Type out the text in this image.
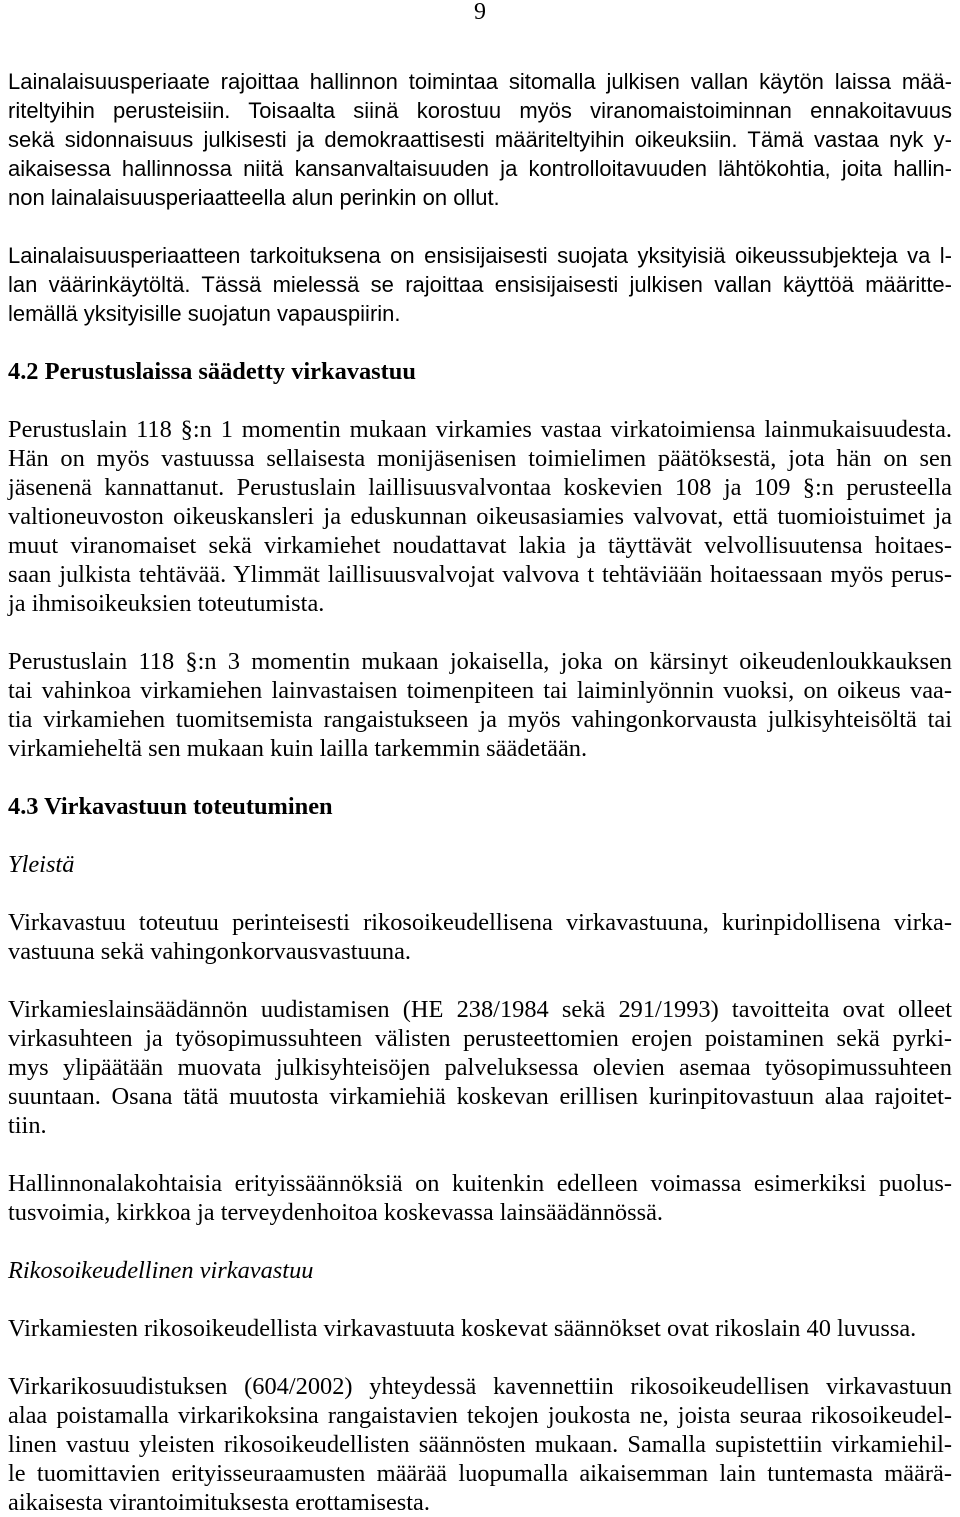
9
Lainalaisuusperiaate rajoittaa hallinnon toimintaa sitomalla julkisen vallan käytön laissa mää-
riteltyihin perusteisiin. Toisaalta siinä korostuu myös viranomaistoiminnan ennakoitavuus
sekä sidonnaisuus julkisesti ja demokraattisesti määriteltyihin oikeuksiin. Tämä vastaa nyk y-
aikaisessa hallinnossa niitä kansanvaltaisuuden ja kontrolloitavuuden lähtökohtia, joita hallin-
non lainalaisuusperiaatteella alun perinkin on ollut.
Lainalaisuusperiaatteen tarkoituksena on ensisijaisesti suojata yksityisiä oikeussubjekteja va l-
lan väärinkäytöltä. Tässä mielessä se rajoittaa ensisijaisesti julkisen vallan käyttöä määritte-
lemällä yksityisille suojatun vapauspiirin.
4.2 Perustuslaissa säädetty virkavastuu
Perustuslain 118 §:n 1 momentin mukaan virkamies vastaa virkatoimiensa lainmukaisuudesta.
Hän on myös vastuussa sellaisesta monijäsenisen toimielimen päätöksestä, jota hän on sen
jäsenenä kannattanut. Perustuslain laillisuusvalvontaa koskevien 108 ja 109 §:n perusteella
valtioneuvoston oikeuskansleri ja eduskunnan oikeusasiamies valvovat, että tuomioistuimet ja
muut viranomaiset sekä virkamiehet noudattavat lakia ja täyttävät velvollisuutensa hoitaes-
saan julkista tehtävää. Ylimmät laillisuusvalvojat valvova t tehtäviään hoitaessaan myös perus-
ja ihmisoikeuksien toteutumista.
Perustuslain 118 §:n 3 momentin mukaan jokaisella, joka on kärsinyt oikeudenloukkauksen
tai vahinkoa virkamiehen lainvastaisen toimenpiteen tai laiminlyönnin vuoksi, on oikeus vaa-
tia virkamiehen tuomitsemista rangaistukseen ja myös vahingonkorvausta julkisyhteisöltä tai
virkamieheltä sen mukaan kuin lailla tarkemmin säädetään.
4.3 Virkavastuun toteutuminen
Yleistä
Virkavastuu toteutuu perinteisesti rikosoikeudellisena virkavastuuna, kurinpidollisena virka-
vastuuna sekä vahingonkorvausvastuuna.
Virkamieslainsäädännön uudistamisen (HE 238/1984 sekä 291/1993) tavoitteita ovat olleet
virkasuhteen ja työsopimussuhteen välisten perusteettomien erojen poistaminen sekä pyrki-
mys ylipäätään muovata julkisyhteisöjen palveluksessa olevien asemaa työsopimussuhteen
suuntaan. Osana tätä muutosta virkamiehiä koskevan erillisen kurinpitovastuun alaa rajoitet-
tiin.
Hallinnonalakohtaisia erityissäännöksiä on kuitenkin edelleen voimassa esimerkiksi puolus-
tusvoimia, kirkkoa ja terveydenhoitoa koskevassa lainsäädännössä.
Rikosoikeudellinen virkavastuu
Virkamiesten rikosoikeudellista virkavastuuta koskevat säännökset ovat rikoslain 40 luvussa.
Virkarikosuudistuksen (604/2002) yhteydessä kavennettiin rikosoikeudellisen virkavastuun
alaa poistamalla virkarikoksina rangaistavien tekojen joukosta ne, joista seuraa rikosoikeudel-
linen vastuu yleisten rikosoikeudellisten säännösten mukaan. Samalla supistettiin virkamiehil-
le tuomittavien erityisseuraamusten määrää luopumalla aikaisemman lain tuntemasta määrä-
aikaisesta virantoimituksesta erottamisesta.
